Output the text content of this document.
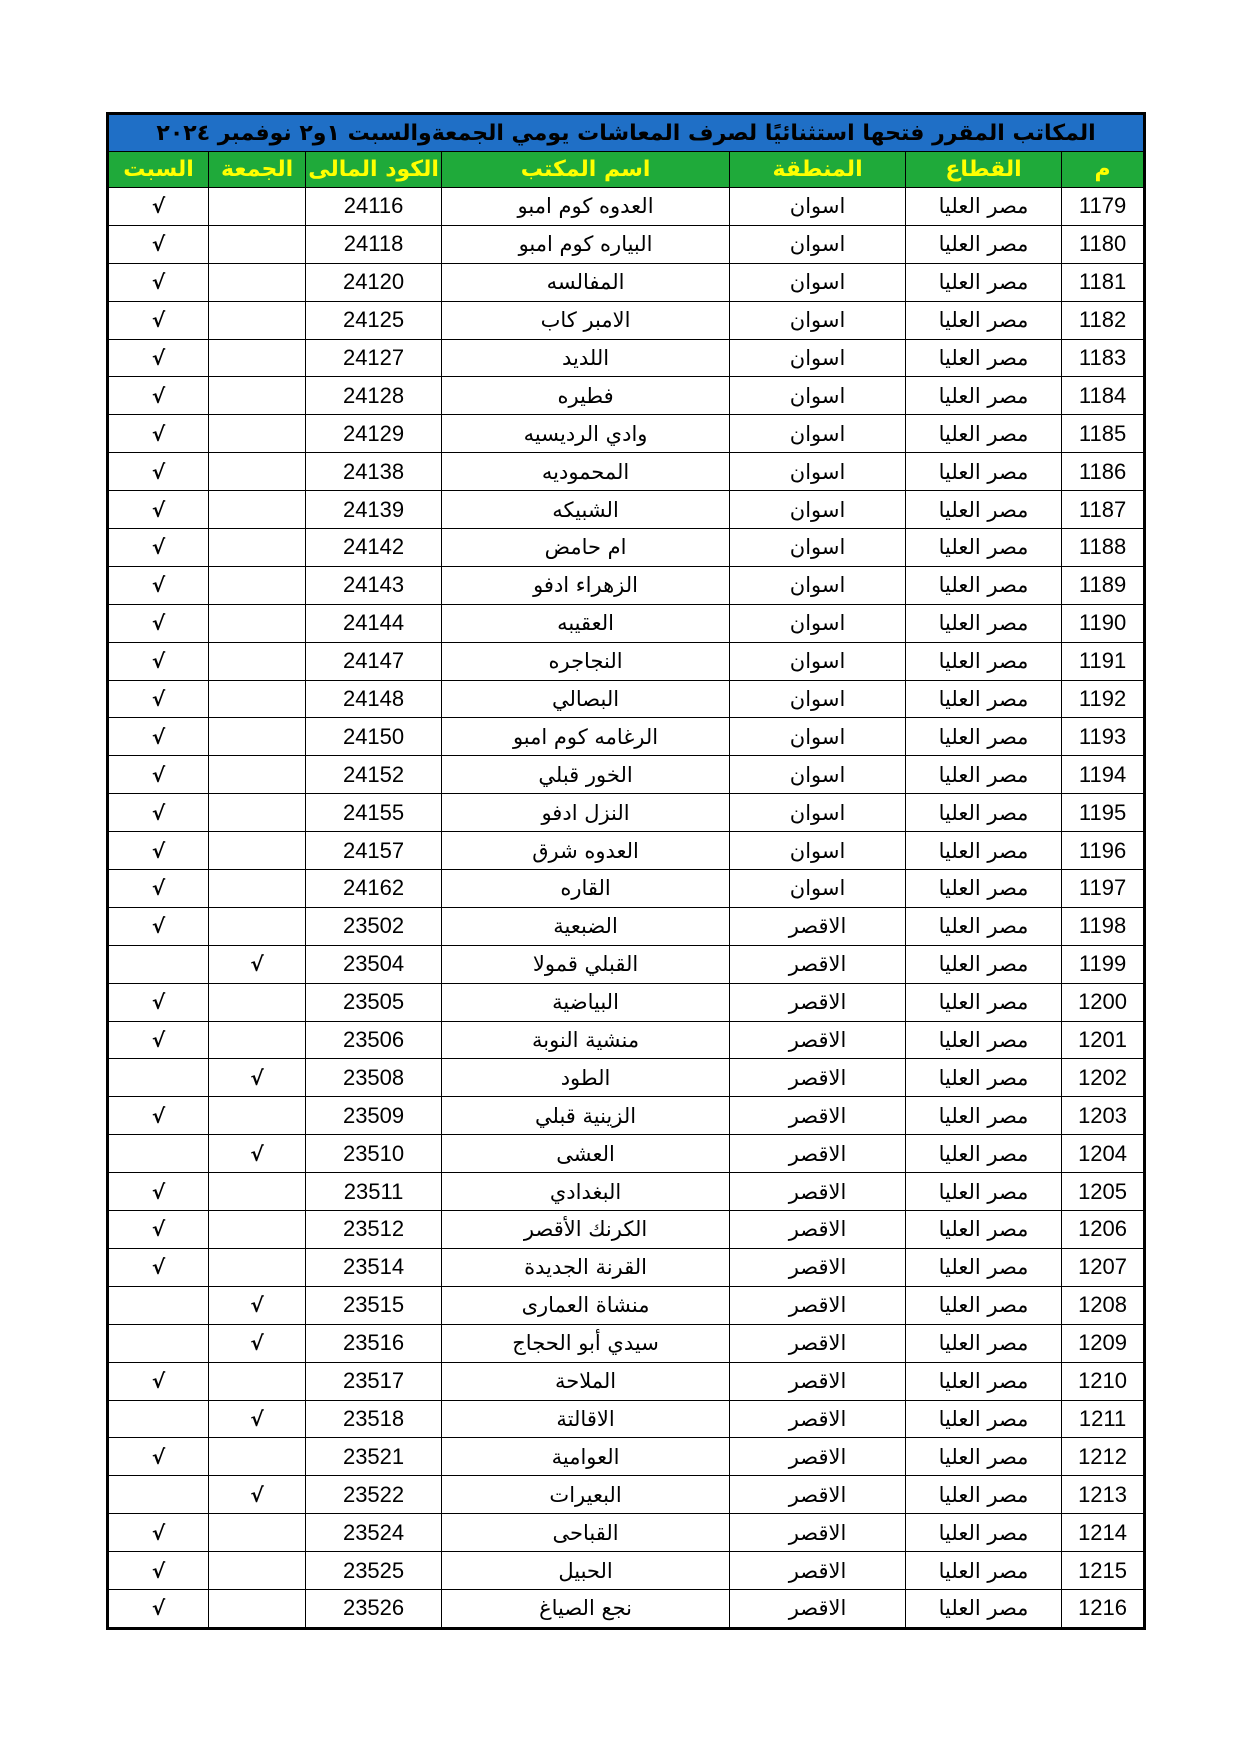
المكاتب المقرر فتحها استثنائيًا لصرف المعاشات يومي الجمعةوالسبت ١و٢ نوفمبر ٢٠٢٤						
م	القطاع	المنطقة	اسم المكتب	الكود المالى	الجمعة	السبت
1179	مصر العليا	اسوان	العدوه كوم امبو	24116		√
1180	مصر العليا	اسوان	البياره كوم امبو	24118		√
1181	مصر العليا	اسوان	المفالسه	24120		√
1182	مصر العليا	اسوان	الامبر كاب	24125		√
1183	مصر العليا	اسوان	اللديد	24127		√
1184	مصر العليا	اسوان	فطيره	24128		√
1185	مصر العليا	اسوان	وادي الرديسيه	24129		√
1186	مصر العليا	اسوان	المحموديه	24138		√
1187	مصر العليا	اسوان	الشبيكه	24139		√
1188	مصر العليا	اسوان	ام حامض	24142		√
1189	مصر العليا	اسوان	الزهراء ادفو	24143		√
1190	مصر العليا	اسوان	العقيبه	24144		√
1191	مصر العليا	اسوان	النجاجره	24147		√
1192	مصر العليا	اسوان	البصالي	24148		√
1193	مصر العليا	اسوان	الرغامه كوم امبو	24150		√
1194	مصر العليا	اسوان	الخور قبلي	24152		√
1195	مصر العليا	اسوان	النزل ادفو	24155		√
1196	مصر العليا	اسوان	العدوه شرق	24157		√
1197	مصر العليا	اسوان	القاره	24162		√
1198	مصر العليا	الاقصر	الضبعية	23502		√
1199	مصر العليا	الاقصر	القبلي قمولا	23504	√	
1200	مصر العليا	الاقصر	البياضية	23505		√
1201	مصر العليا	الاقصر	منشية النوبة	23506		√
1202	مصر العليا	الاقصر	الطود	23508	√	
1203	مصر العليا	الاقصر	الزينية قبلي	23509		√
1204	مصر العليا	الاقصر	العشى	23510	√	
1205	مصر العليا	الاقصر	البغدادي	23511		√
1206	مصر العليا	الاقصر	الكرنك الأقصر	23512		√
1207	مصر العليا	الاقصر	القرنة الجديدة	23514		√
1208	مصر العليا	الاقصر	منشاة العمارى	23515	√	
1209	مصر العليا	الاقصر	سيدي أبو الحجاج	23516	√	
1210	مصر العليا	الاقصر	الملاحة	23517		√
1211	مصر العليا	الاقصر	الاقالتة	23518	√	
1212	مصر العليا	الاقصر	العوامية	23521		√
1213	مصر العليا	الاقصر	البعيرات	23522	√	
1214	مصر العليا	الاقصر	القباحى	23524		√
1215	مصر العليا	الاقصر	الحبيل	23525		√
1216	مصر العليا	الاقصر	نجع الصياغ	23526		√
